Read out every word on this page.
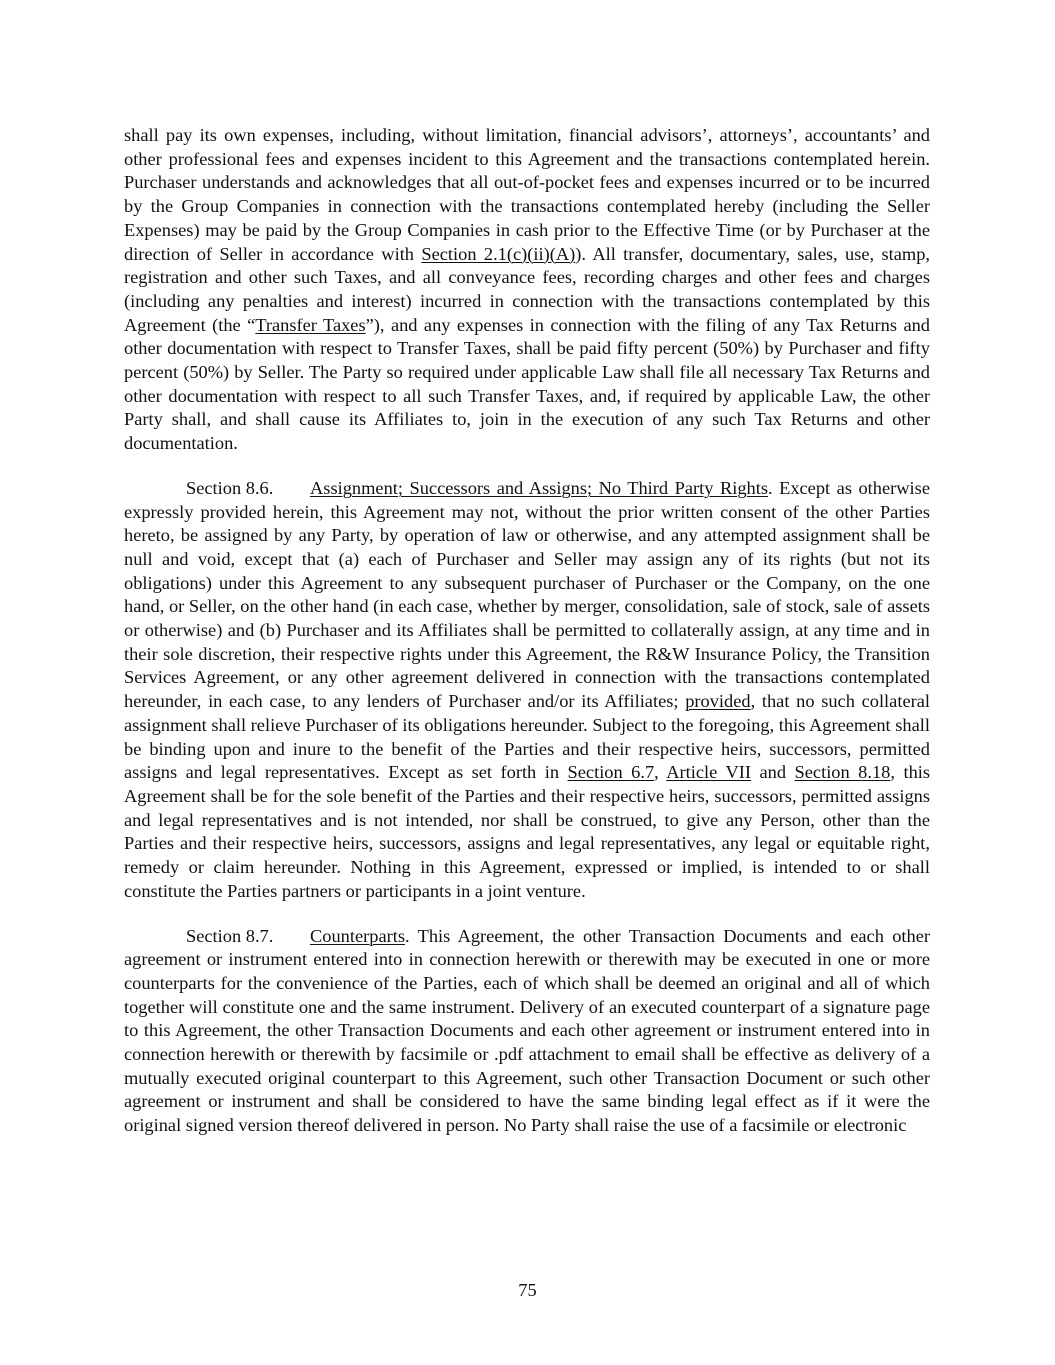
shall pay its own expenses, including, without limitation, financial advisors’, attorneys’, accountants’ and other professional fees and expenses incident to this Agreement and the transactions contemplated herein. Purchaser understands and acknowledges that all out-of-pocket fees and expenses incurred or to be incurred by the Group Companies in connection with the transactions contemplated hereby (including the Seller Expenses) may be paid by the Group Companies in cash prior to the Effective Time (or by Purchaser at the direction of Seller in accordance with Section 2.1(c)(ii)(A)). All transfer, documentary, sales, use, stamp, registration and other such Taxes, and all conveyance fees, recording charges and other fees and charges (including any penalties and interest) incurred in connection with the transactions contemplated by this Agreement (the “Transfer Taxes”), and any expenses in connection with the filing of any Tax Returns and other documentation with respect to Transfer Taxes, shall be paid fifty percent (50%) by Purchaser and fifty percent (50%) by Seller. The Party so required under applicable Law shall file all necessary Tax Returns and other documentation with respect to all such Transfer Taxes, and, if required by applicable Law, the other Party shall, and shall cause its Affiliates to, join in the execution of any such Tax Returns and other documentation.

Section 8.6. Assignment; Successors and Assigns; No Third Party Rights. Except as otherwise expressly provided herein, this Agreement may not, without the prior written consent of the other Parties hereto, be assigned by any Party, by operation of law or otherwise, and any attempted assignment shall be null and void, except that (a) each of Purchaser and Seller may assign any of its rights (but not its obligations) under this Agreement to any subsequent purchaser of Purchaser or the Company, on the one hand, or Seller, on the other hand (in each case, whether by merger, consolidation, sale of stock, sale of assets or otherwise) and (b) Purchaser and its Affiliates shall be permitted to collaterally assign, at any time and in their sole discretion, their respective rights under this Agreement, the R&W Insurance Policy, the Transition Services Agreement, or any other agreement delivered in connection with the transactions contemplated hereunder, in each case, to any lenders of Purchaser and/or its Affiliates; provided, that no such collateral assignment shall relieve Purchaser of its obligations hereunder. Subject to the foregoing, this Agreement shall be binding upon and inure to the benefit of the Parties and their respective heirs, successors, permitted assigns and legal representatives. Except as set forth in Section 6.7, Article VII and Section 8.18, this Agreement shall be for the sole benefit of the Parties and their respective heirs, successors, permitted assigns and legal representatives and is not intended, nor shall be construed, to give any Person, other than the Parties and their respective heirs, successors, assigns and legal representatives, any legal or equitable right, remedy or claim hereunder. Nothing in this Agreement, expressed or implied, is intended to or shall constitute the Parties partners or participants in a joint venture.

Section 8.7. Counterparts. This Agreement, the other Transaction Documents and each other agreement or instrument entered into in connection herewith or therewith may be executed in one or more counterparts for the convenience of the Parties, each of which shall be deemed an original and all of which together will constitute one and the same instrument. Delivery of an executed counterpart of a signature page to this Agreement, the other Transaction Documents and each other agreement or instrument entered into in connection herewith or therewith by facsimile or .pdf attachment to email shall be effective as delivery of a mutually executed original counterpart to this Agreement, such other Transaction Document or such other agreement or instrument and shall be considered to have the same binding legal effect as if it were the original signed version thereof delivered in person. No Party shall raise the use of a facsimile or electronic

75
